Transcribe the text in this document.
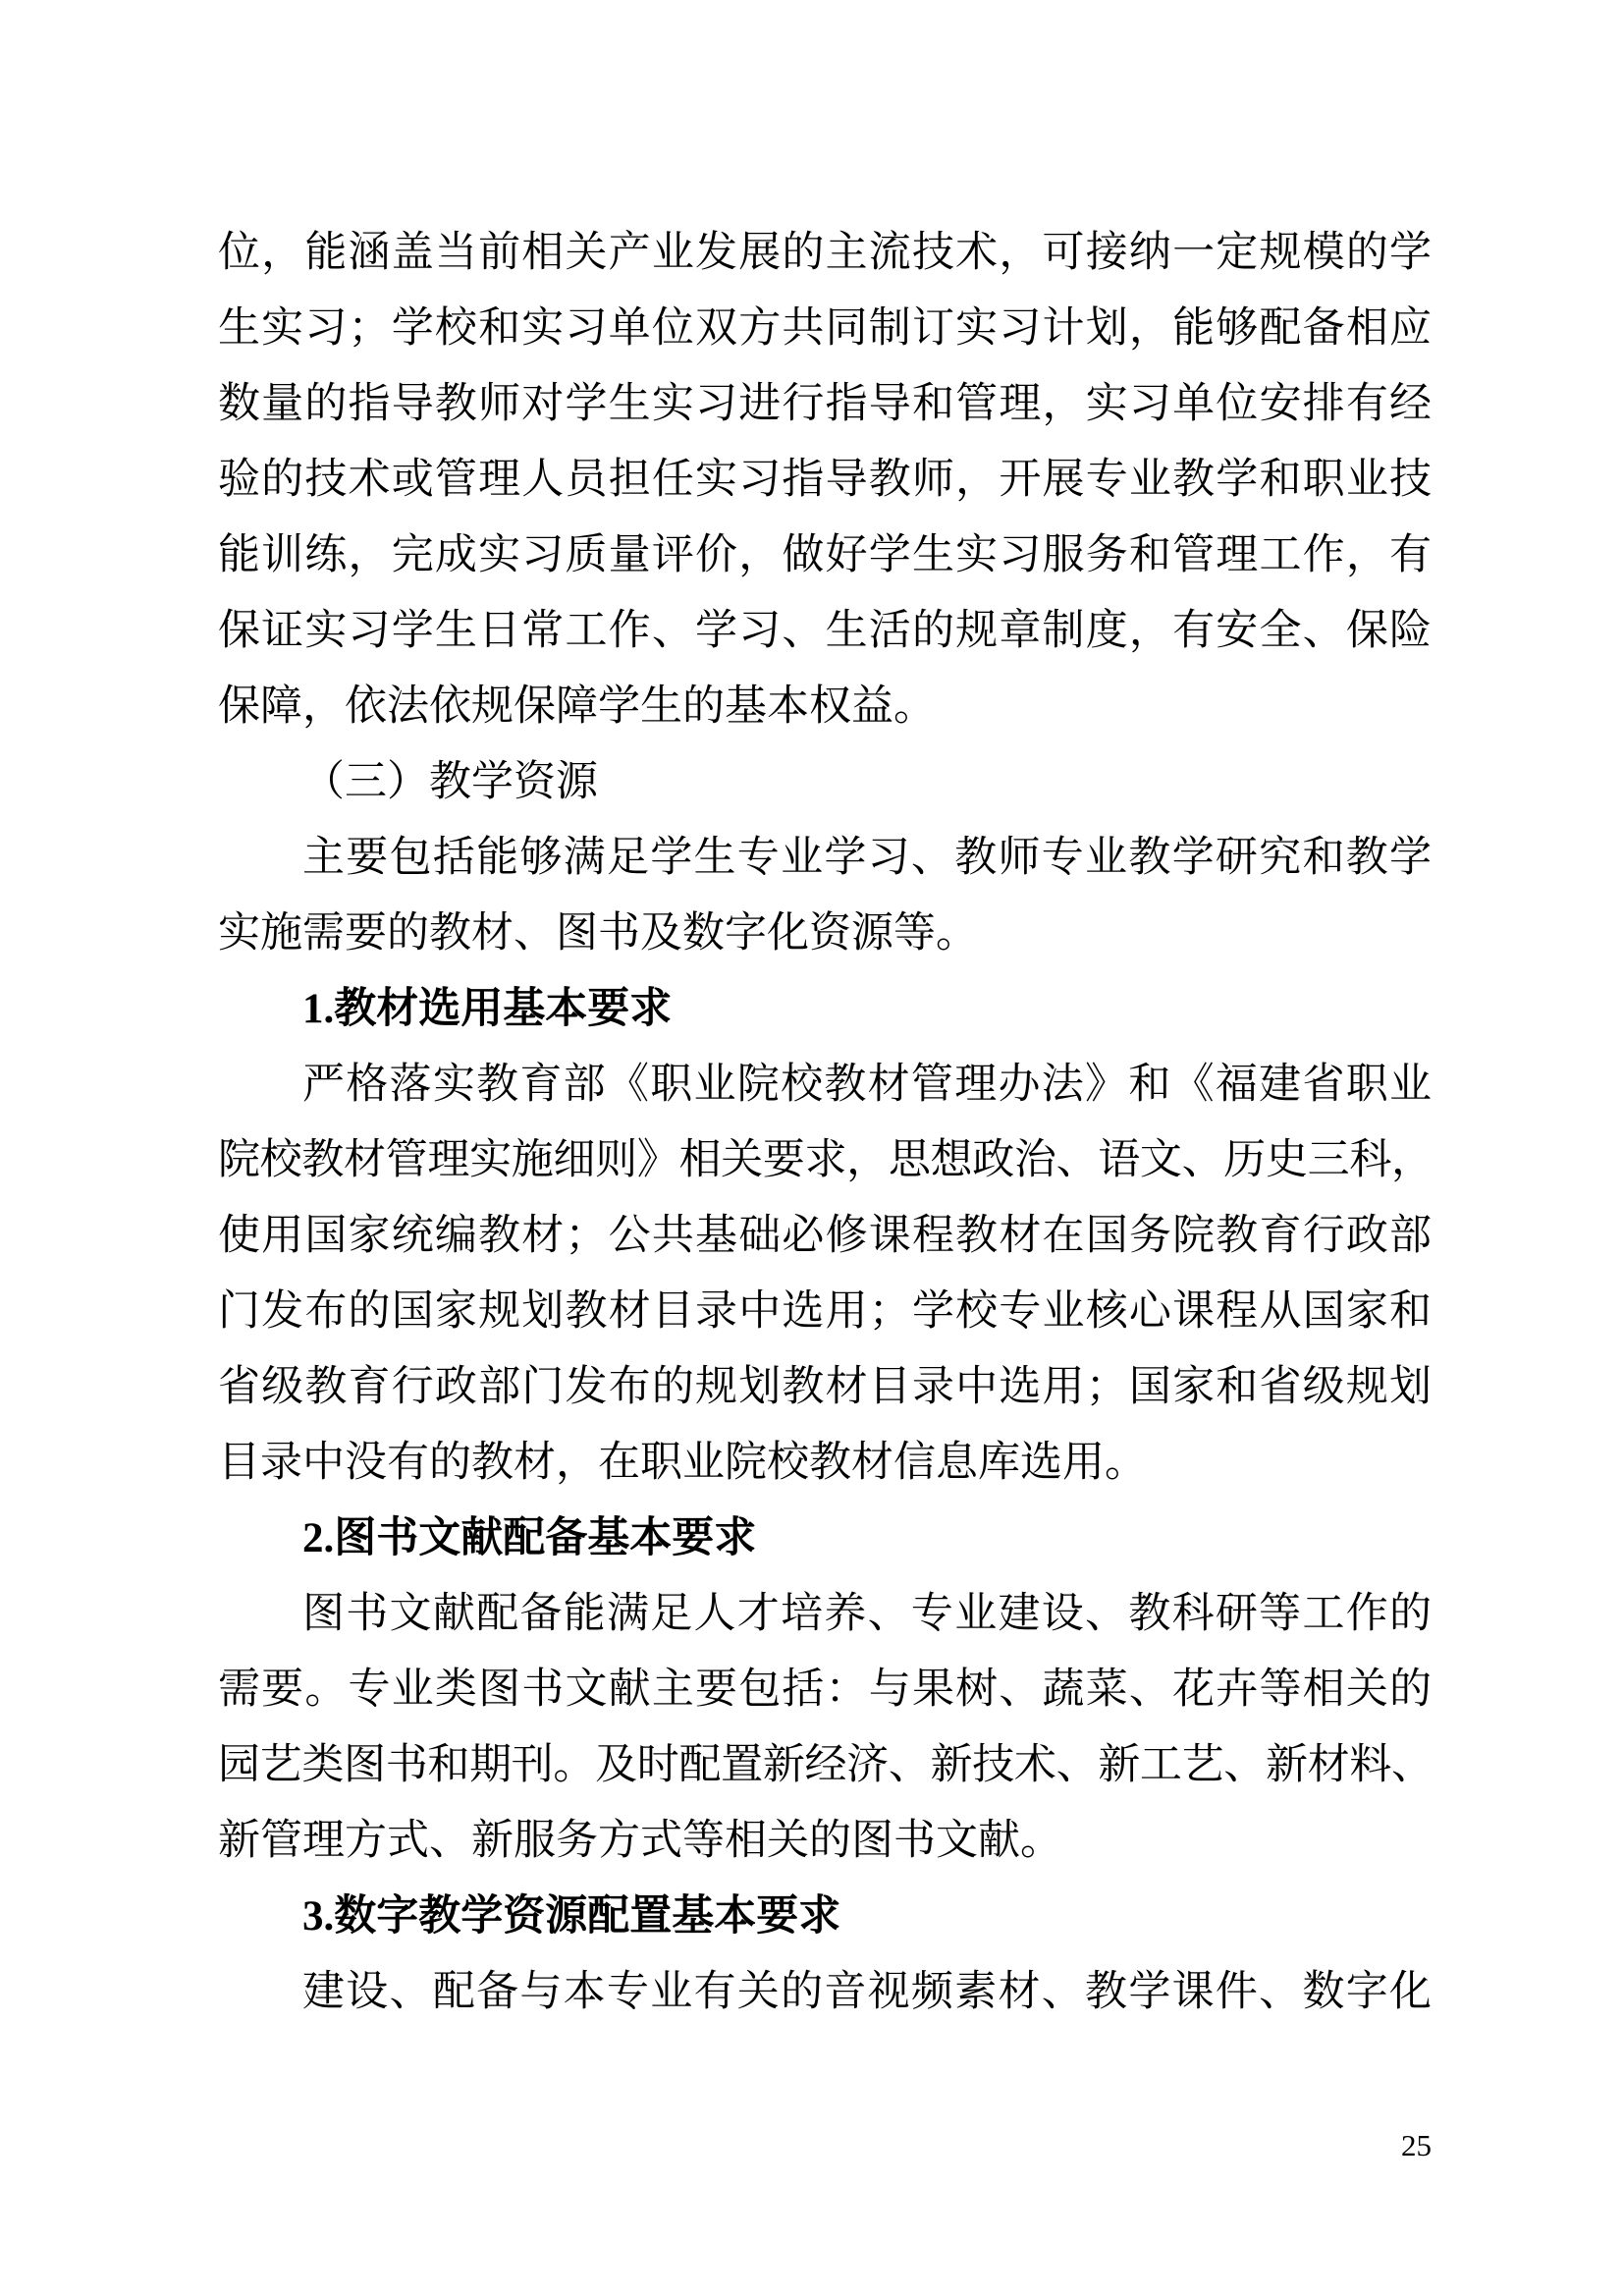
位，能涵盖当前相关产业发展的主流技术，可接纳一定规模的学
生实习；学校和实习单位双方共同制订实习计划，能够配备相应
数量的指导教师对学生实习进行指导和管理，实习单位安排有经
验的技术或管理人员担任实习指导教师，开展专业教学和职业技
能训练，完成实习质量评价，做好学生实习服务和管理工作，有
保证实习学生日常工作、学习、生活的规章制度，有安全、保险
保障，依法依规保障学生的基本权益。
（三）教学资源
主要包括能够满足学生专业学习、教师专业教学研究和教学
实施需要的教材、图书及数字化资源等。
1.教材选用基本要求
严格落实教育部《职业院校教材管理办法》和《福建省职业
院校教材管理实施细则》相关要求，思想政治、语文、历史三科，
使用国家统编教材；公共基础必修课程教材在国务院教育行政部
门发布的国家规划教材目录中选用；学校专业核心课程从国家和
省级教育行政部门发布的规划教材目录中选用；国家和省级规划
目录中没有的教材，在职业院校教材信息库选用。
2.图书文献配备基本要求
图书文献配备能满足人才培养、专业建设、教科研等工作的
需要。专业类图书文献主要包括：与果树、蔬菜、花卉等相关的
园艺类图书和期刊。及时配置新经济、新技术、新工艺、新材料、
新管理方式、新服务方式等相关的图书文献。
3.数字教学资源配置基本要求
建设、配备与本专业有关的音视频素材、教学课件、数字化
25
